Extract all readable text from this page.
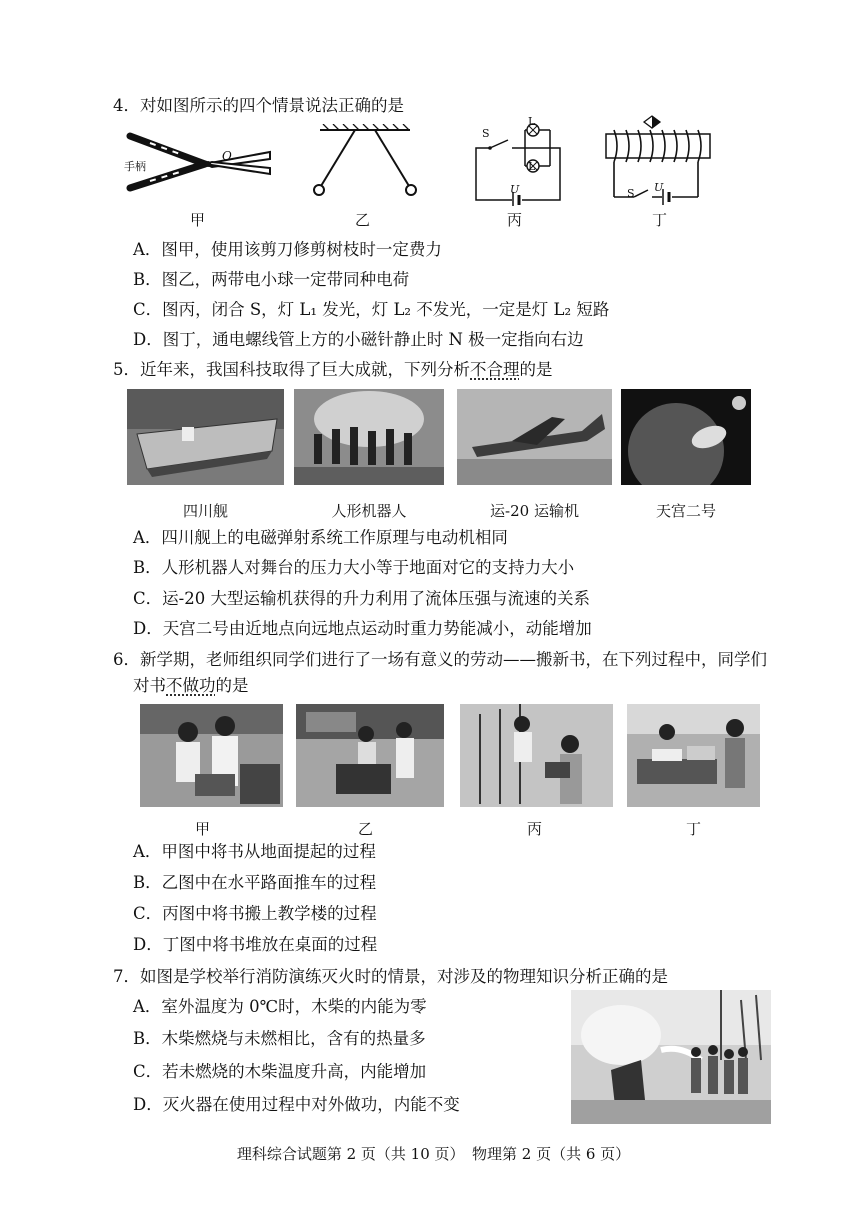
4．对如图所示的四个情景说法正确的是
手柄
O
S
L
L
U	S U
甲	乙	丙	丁
A．图甲，使用该剪刀修剪树枝时一定费力
B．图乙，两带电小球一定带同种电荷
C．图丙，闭合 S，灯 L₁ 发光，灯 L₂ 不发光，一定是灯 L₂ 短路
D．图丁，通电螺线管上方的小磁针静止时 N 极一定指向右边
5．近年来，我国科技取得了巨大成就，下列分析不合理的是
四川舰	人形机器人	运-20 运输机	天宫二号
A．四川舰上的电磁弹射系统工作原理与电动机相同
B．人形机器人对舞台的压力大小等于地面对它的支持力大小
C．运-20 大型运输机获得的升力利用了流体压强与流速的关系
D．天宫二号由近地点向远地点运动时重力势能减小，动能增加
6．新学期，老师组织同学们进行了一场有意义的劳动——搬新书，在下列过程中，同学们
对书不做功的是
甲	乙	丙	丁
A．甲图中将书从地面提起的过程
B．乙图中在水平路面推车的过程
C．丙图中将书搬上教学楼的过程
D．丁图中将书堆放在桌面的过程
7．如图是学校举行消防演练灭火时的情景，对涉及的物理知识分析正确的是
A．室外温度为 0℃时，木柴的内能为零
B．木柴燃烧与未燃相比，含有的热量多
C．若未燃烧的木柴温度升高，内能增加
D．灭火器在使用过程中对外做功，内能不变
理科综合试题第 2 页（共 10 页）　物理第 2 页（共 6 页）
